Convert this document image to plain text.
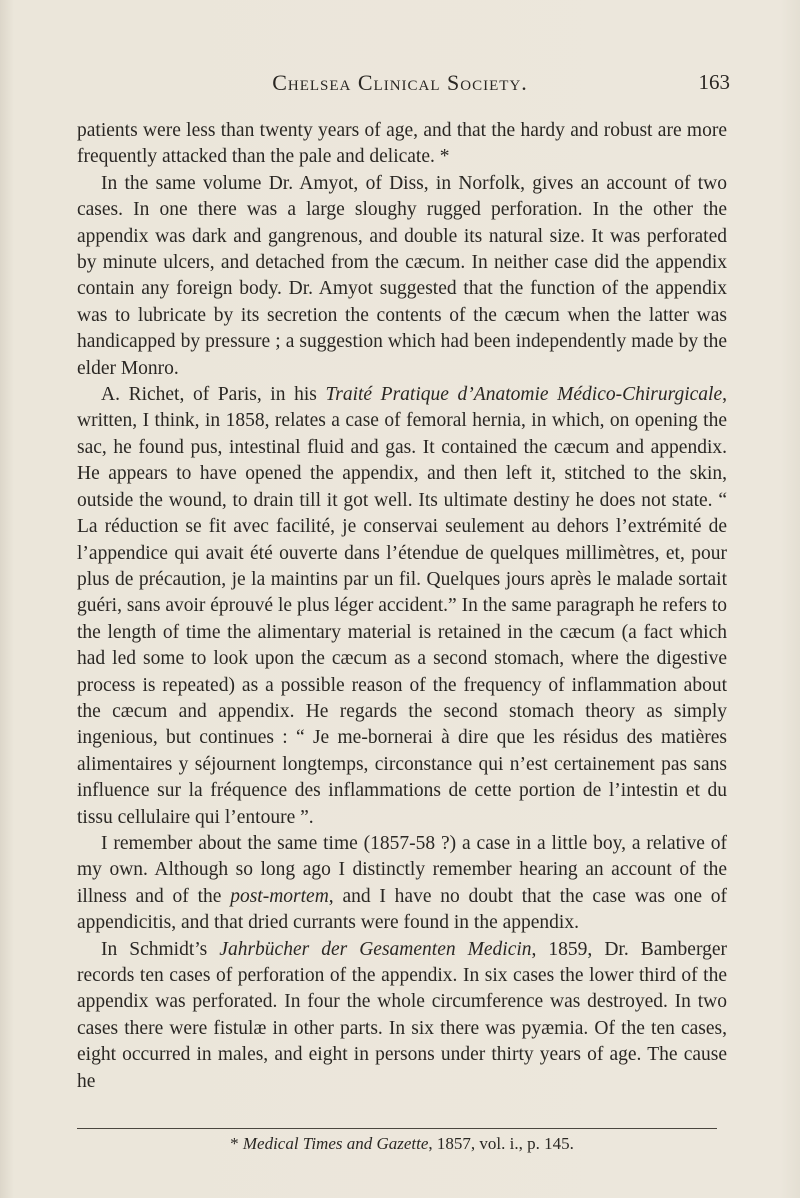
Chelsea Clinical Society.	163

patients were less than twenty years of age, and that the hardy and robust are more frequently attacked than the pale and delicate. *

In the same volume Dr. Amyot, of Diss, in Norfolk, gives an account of two cases. In one there was a large sloughy rugged perforation. In the other the appendix was dark and gangrenous, and double its natural size. It was perforated by minute ulcers, and detached from the cæcum. In neither case did the appendix contain any foreign body. Dr. Amyot suggested that the function of the appendix was to lubricate by its secretion the contents of the cæcum when the latter was handicapped by pressure ; a suggestion which had been independently made by the elder Monro.

A. Richet, of Paris, in his Traité Pratique d’Anatomie Médico-Chirurgicale, written, I think, in 1858, relates a case of femoral hernia, in which, on opening the sac, he found pus, intestinal fluid and gas. It contained the cæcum and appendix. He appears to have opened the appendix, and then left it, stitched to the skin, outside the wound, to drain till it got well. Its ultimate destiny he does not state. “ La réduction se fit avec facilité, je conservai seulement au dehors l’extrémité de l’appendice qui avait été ouverte dans l’étendue de quelques millimètres, et, pour plus de précaution, je la maintins par un fil. Quelques jours après le malade sortait guéri, sans avoir éprouvé le plus léger accident.” In the same paragraph he refers to the length of time the alimentary material is retained in the cæcum (a fact which had led some to look upon the cæcum as a second stomach, where the digestive process is repeated) as a possible reason of the frequency of inflammation about the cæcum and appendix. He regards the second stomach theory as simply ingenious, but continues : “ Je me-bornerai à dire que les résidus des matières alimentaires y séjournent longtemps, circonstance qui n’est certainement pas sans influence sur la fréquence des inflammations de cette portion de l’intestin et du tissu cellulaire qui l’entoure ”.

I remember about the same time (1857-58 ?) a case in a little boy, a relative of my own. Although so long ago I distinctly remember hearing an account of the illness and of the post-mortem, and I have no doubt that the case was one of appendicitis, and that dried currants were found in the appendix.

In Schmidt’s Jahrbücher der Gesamenten Medicin, 1859, Dr. Bamberger records ten cases of perforation of the appendix. In six cases the lower third of the appendix was perforated. In four the whole circumference was destroyed. In two cases there were fistulæ in other parts. In six there was pyæmia. Of the ten cases, eight occurred in males, and eight in persons under thirty years of age. The cause he

* Medical Times and Gazette, 1857, vol. i., p. 145.
